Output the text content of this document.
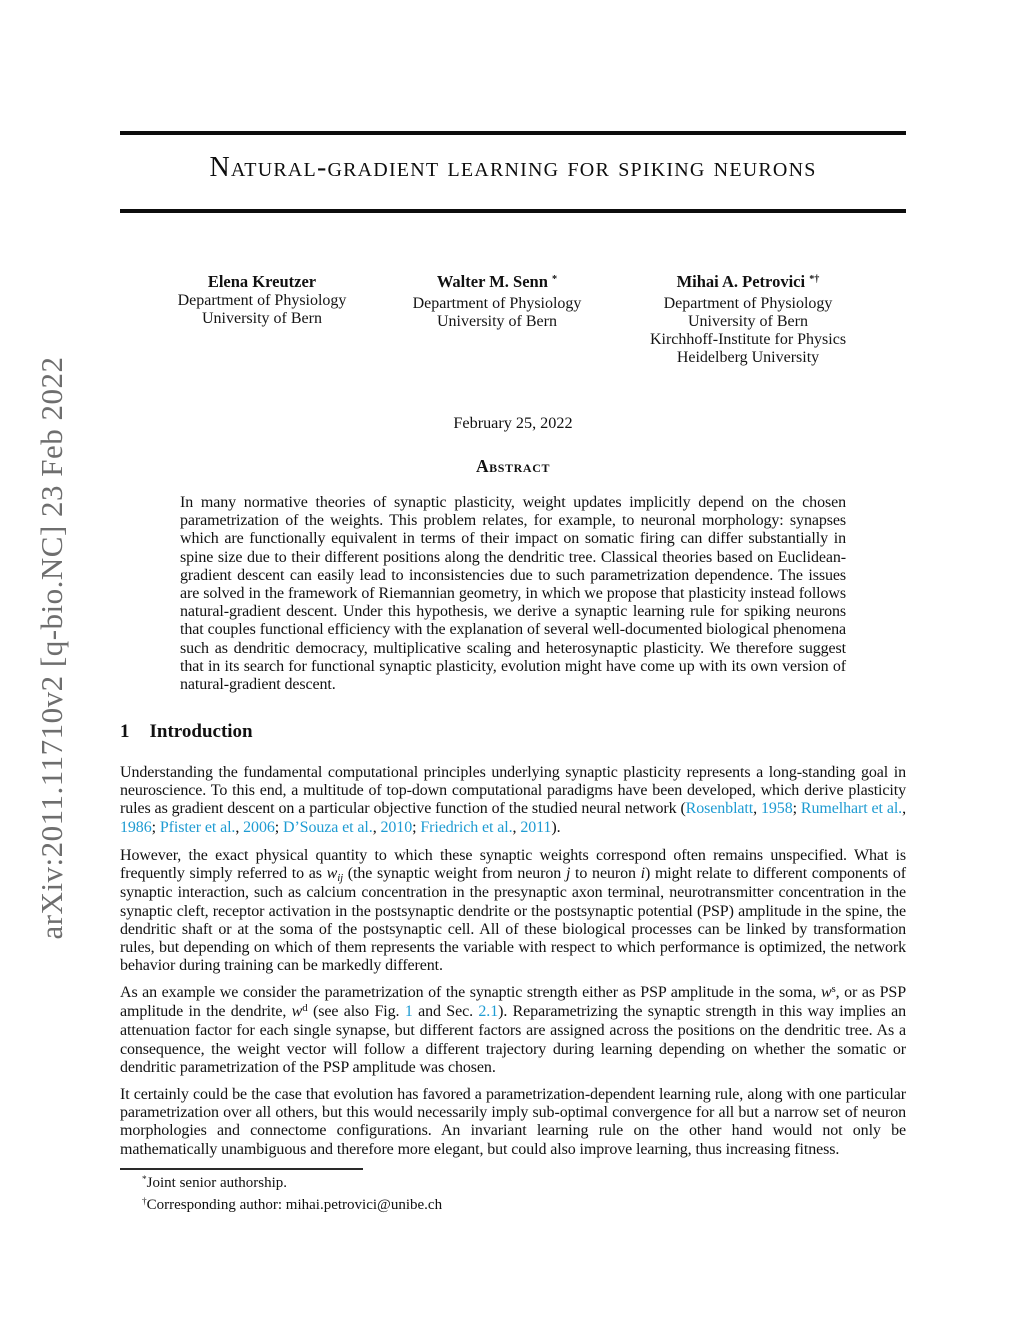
arXiv:2011.11710v2 [q-bio.NC] 23 Feb 2022
Natural-gradient learning for spiking neurons
Elena Kreutzer
Department of Physiology
University of Bern
Walter M. Senn *
Department of Physiology
University of Bern
Mihai A. Petrovici *†
Department of Physiology
University of Bern
Kirchhoff-Institute for Physics
Heidelberg University
February 25, 2022
Abstract
In many normative theories of synaptic plasticity, weight updates implicitly depend on the chosen parametrization of the weights. This problem relates, for example, to neuronal morphology: synapses which are functionally equivalent in terms of their impact on somatic firing can differ substantially in spine size due to their different positions along the dendritic tree. Classical theories based on Euclidean-gradient descent can easily lead to inconsistencies due to such parametrization dependence. The issues are solved in the framework of Riemannian geometry, in which we propose that plasticity instead follows natural-gradient descent. Under this hypothesis, we derive a synaptic learning rule for spiking neurons that couples functional efficiency with the explanation of several well-documented biological phenomena such as dendritic democracy, multiplicative scaling and heterosynaptic plasticity. We therefore suggest that in its search for functional synaptic plasticity, evolution might have come up with its own version of natural-gradient descent.
1 Introduction

Understanding the fundamental computational principles underlying synaptic plasticity represents a long-standing goal in neuroscience. To this end, a multitude of top-down computational paradigms have been developed, which derive plasticity rules as gradient descent on a particular objective function of the studied neural network (Rosenblatt, 1958; Rumelhart et al., 1986; Pfister et al., 2006; D’Souza et al., 2010; Friedrich et al., 2011).

However, the exact physical quantity to which these synaptic weights correspond often remains unspecified. What is frequently simply referred to as wij (the synaptic weight from neuron j to neuron i) might relate to different components of synaptic interaction, such as calcium concentration in the presynaptic axon terminal, neurotransmitter concentration in the synaptic cleft, receptor activation in the postsynaptic dendrite or the postsynaptic potential (PSP) amplitude in the spine, the dendritic shaft or at the soma of the postsynaptic cell. All of these biological processes can be linked by transformation rules, but depending on which of them represents the variable with respect to which performance is optimized, the network behavior during training can be markedly different.

As an example we consider the parametrization of the synaptic strength either as PSP amplitude in the soma, $w^s$, or as PSP amplitude in the dendrite, $w^d$ (see also Fig. 1 and Sec. 2.1). Reparametrizing the synaptic strength in this way implies an attenuation factor for each single synapse, but different factors are assigned across the positions on the dendritic tree. As a consequence, the weight vector will follow a different trajectory during learning depending on whether the somatic or dendritic parametrization of the PSP amplitude was chosen.

It certainly could be the case that evolution has favored a parametrization-dependent learning rule, along with one particular parametrization over all others, but this would necessarily imply sub-optimal convergence for all but a narrow set of neuron morphologies and connectome configurations. An invariant learning rule on the other hand would not only be mathematically unambiguous and therefore more elegant, but could also improve learning, thus increasing fitness.

*Joint senior authorship.
†Corresponding author: mihai.petrovici@unibe.ch
